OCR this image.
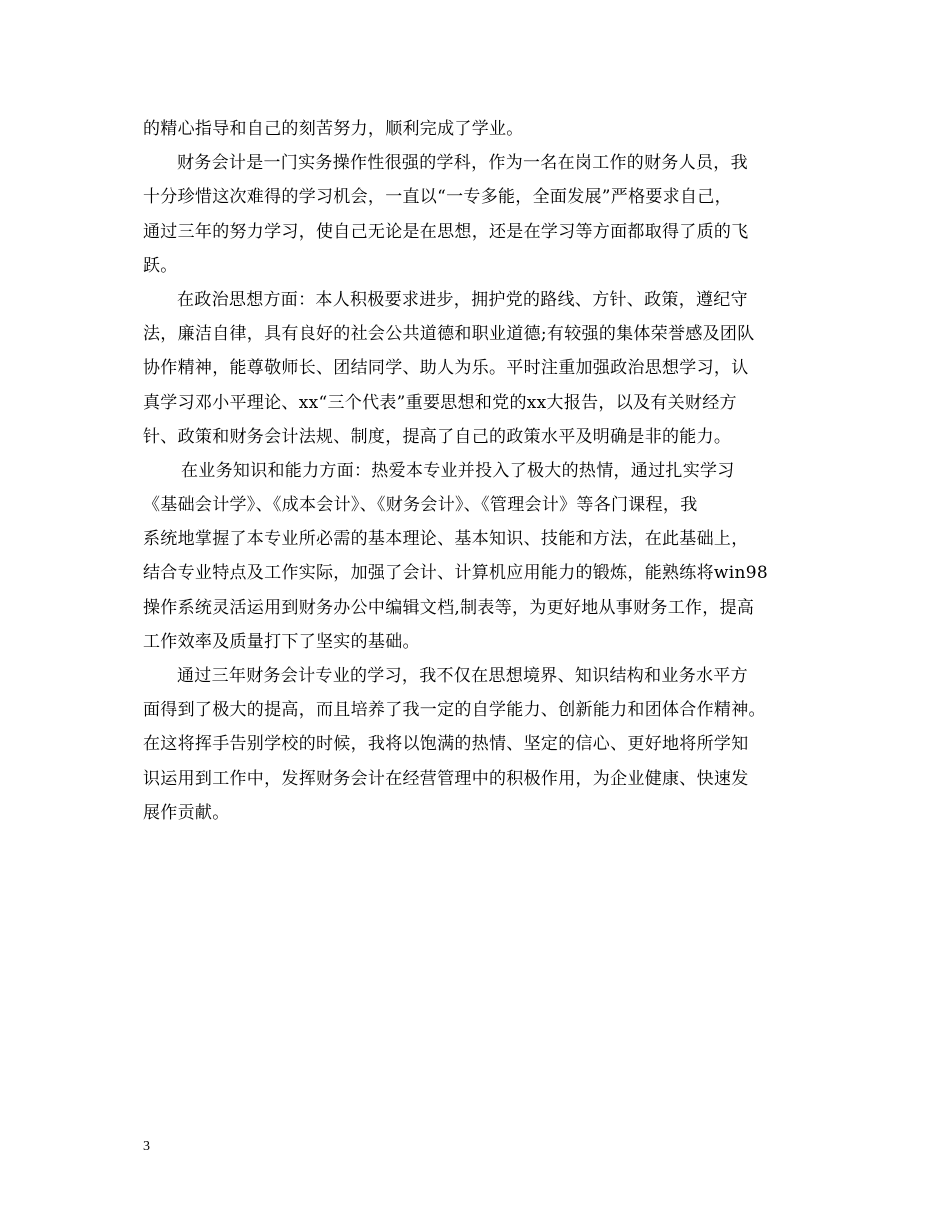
的精心指导和自己的刻苦努力，顺利完成了学业。
财务会计是一门实务操作性很强的学科，作为一名在岗工作的财务人员，我
十分珍惜这次难得的学习机会，一直以“一专多能，全面发展”严格要求自己，
通过三年的努力学习，使自己无论是在思想，还是在学习等方面都取得了质的飞
跃。
在政治思想方面：本人积极要求进步，拥护党的路线、方针、政策，遵纪守
法，廉洁自律，具有良好的社会公共道德和职业道德;有较强的集体荣誉感及团队
协作精神，能尊敬师长、团结同学、助人为乐。平时注重加强政治思想学习，认
真学习邓小平理论、xx“三个代表”重要思想和党的xx大报告，以及有关财经方
针、政策和财务会计法规、制度，提高了自己的政策水平及明确是非的能力。
在业务知识和能力方面：热爱本专业并投入了极大的热情，通过扎实学习
《基础会计学》、《成本会计》、《财务会计》、《管理会计》等各门课程，我
系统地掌握了本专业所必需的基本理论、基本知识、技能和方法，在此基础上，
结合专业特点及工作实际，加强了会计、计算机应用能力的锻炼，能熟练将win98
操作系统灵活运用到财务办公中编辑文档,制表等，为更好地从事财务工作，提高
工作效率及质量打下了坚实的基础。
通过三年财务会计专业的学习，我不仅在思想境界、知识结构和业务水平方
面得到了极大的提高，而且培养了我一定的自学能力、创新能力和团体合作精神。
在这将挥手告别学校的时候，我将以饱满的热情、坚定的信心、更好地将所学知
识运用到工作中，发挥财务会计在经营管理中的积极作用，为企业健康、快速发
展作贡献。
3
